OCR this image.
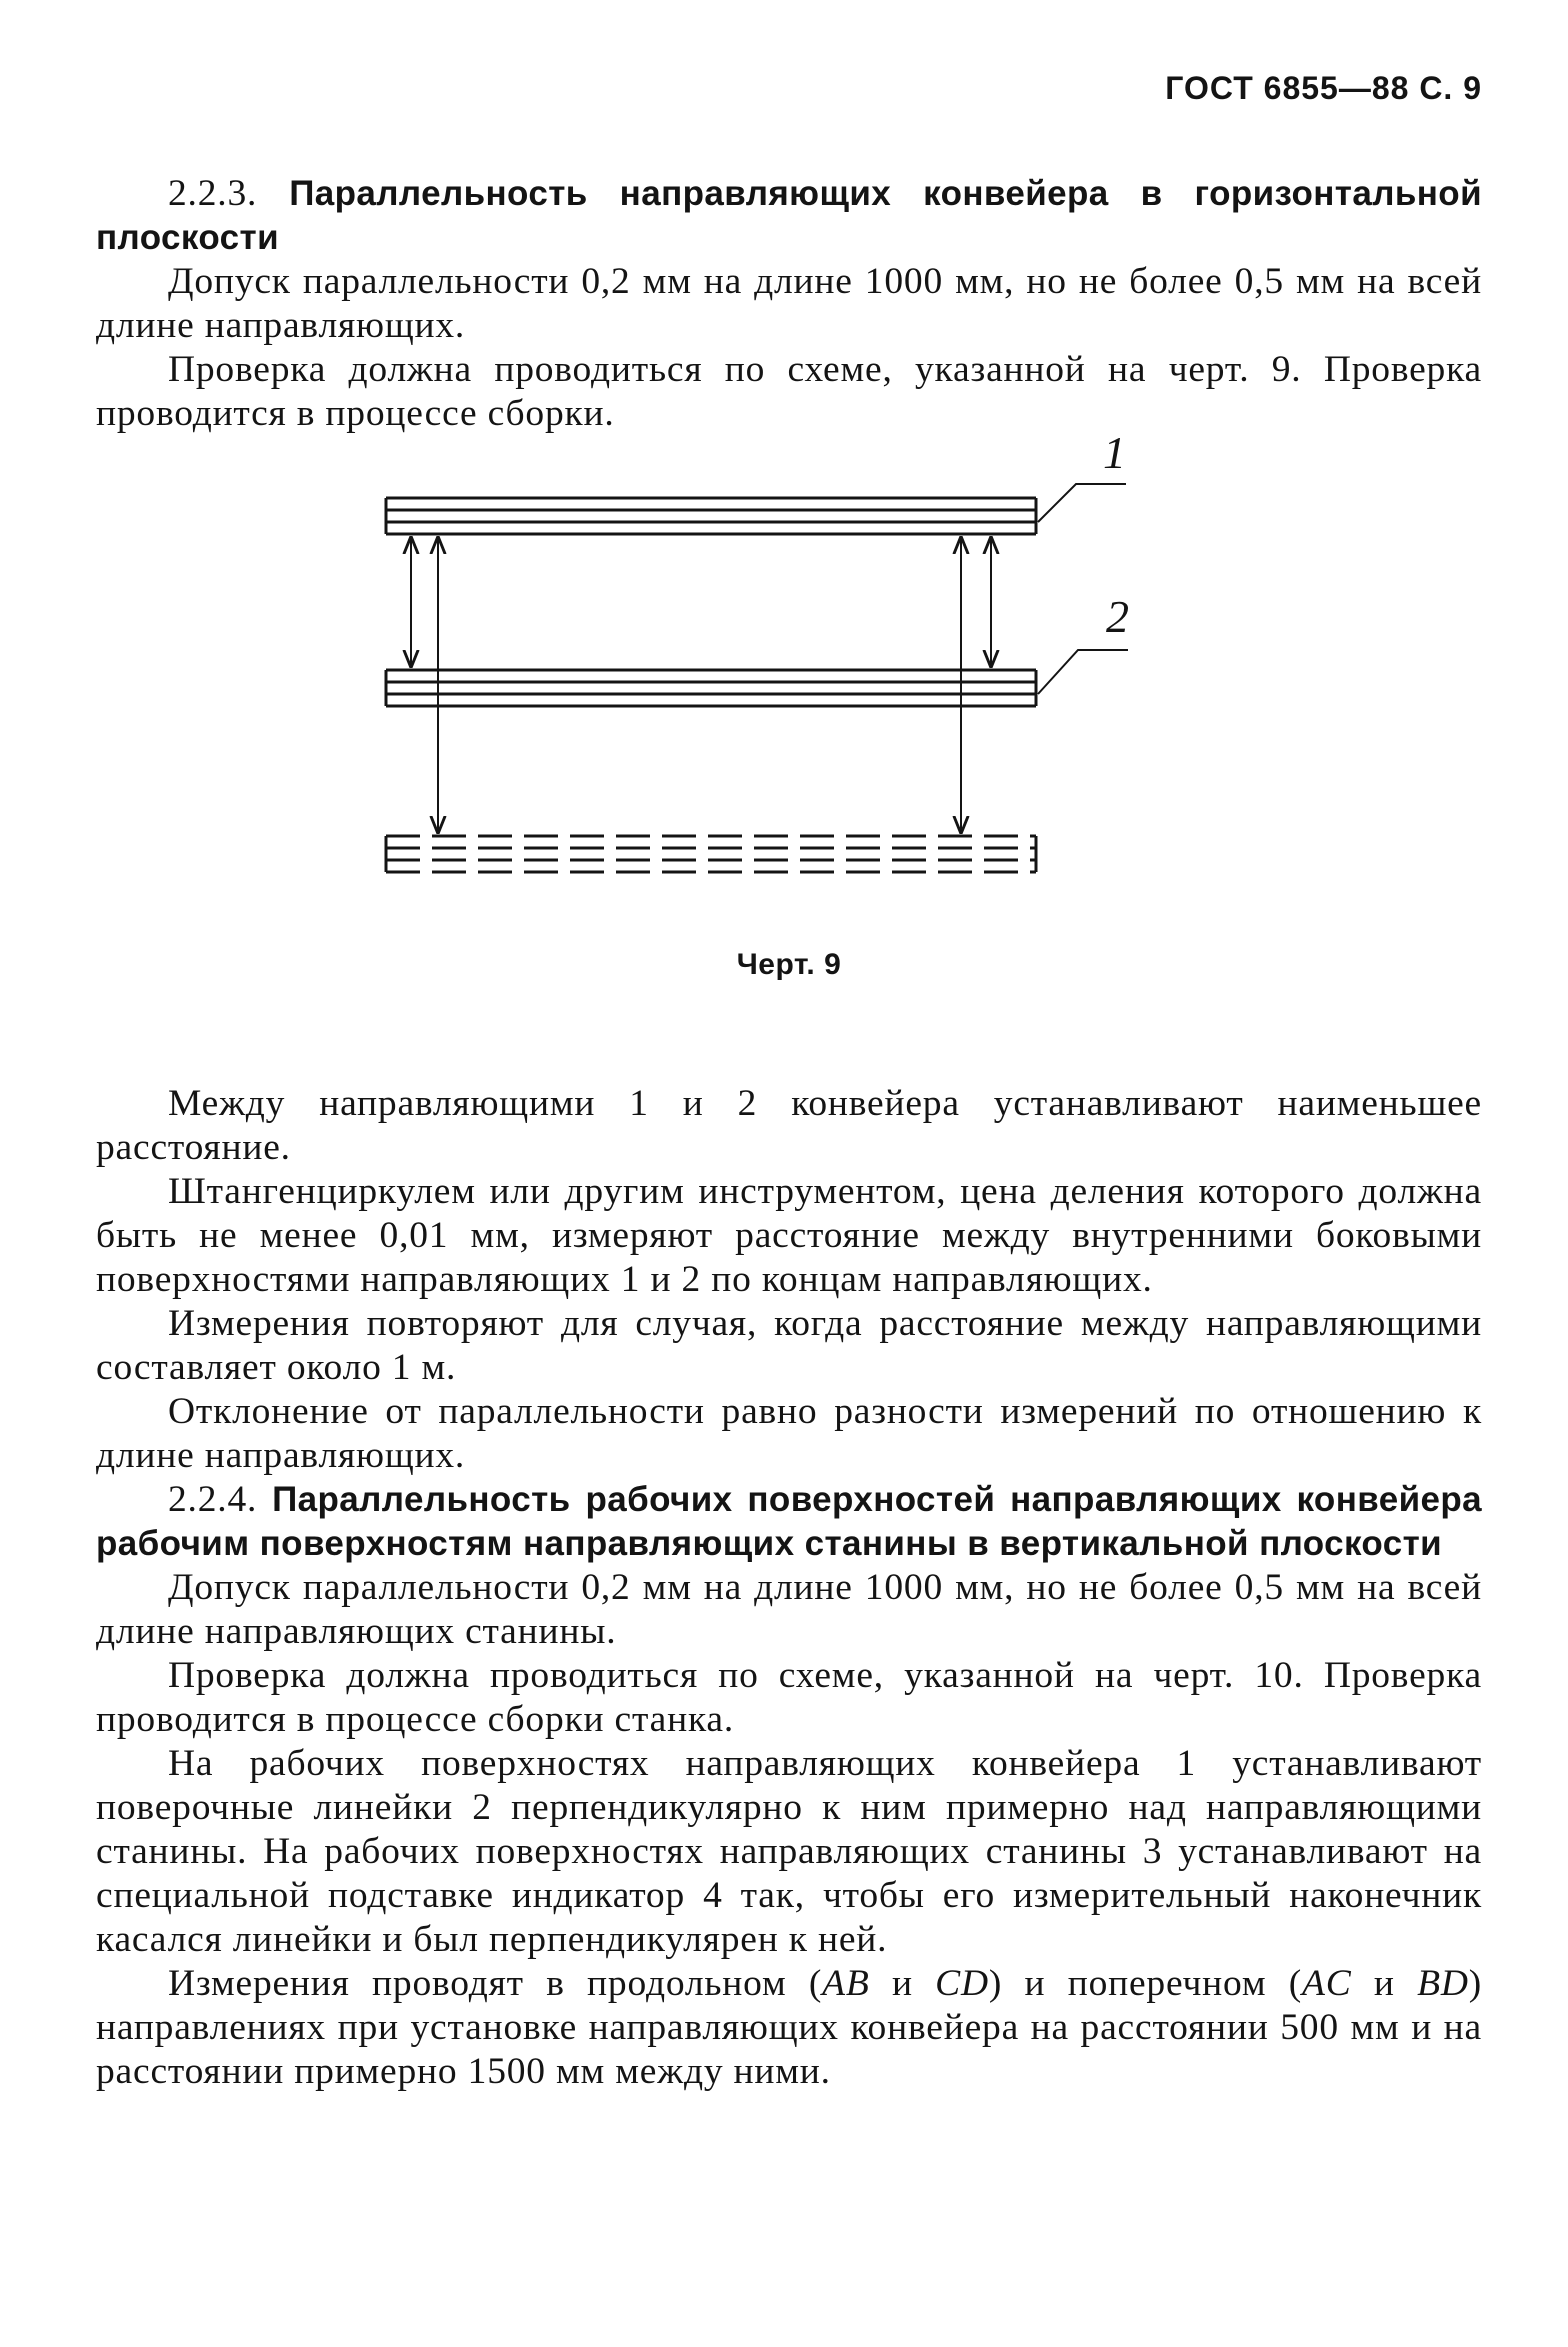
ГОСТ 6855—88 С. 9

2.2.3. Параллельность направляющих конвейера в горизонтальной плоскости

Допуск параллельности 0,2 мм на длине 1000 мм, но не более 0,5 мм на всей длине направляющих.

Проверка должна проводиться по схеме, указанной на черт. 9. Проверка проводится в процессе сборки.

1
2
Черт. 9

Между направляющими 1 и 2 конвейера устанавливают наименьшее расстояние.

Штангенциркулем или другим инструментом, цена деления которого должна быть не менее 0,01 мм, измеряют расстояние между внутренними боковыми поверхностями направляющих 1 и 2 по концам направляющих.

Измерения повторяют для случая, когда расстояние между направляющими составляет около 1 м.

Отклонение от параллельности равно разности измерений по отношению к длине направляющих.

2.2.4. Параллельность рабочих поверхностей направляющих конвейера рабочим поверхностям направляющих станины в вертикальной плоскости

Допуск параллельности 0,2 мм на длине 1000 мм, но не более 0,5 мм на всей длине направляющих станины.

Проверка должна проводиться по схеме, указанной на черт. 10. Проверка проводится в процессе сборки станка.

На рабочих поверхностях направляющих конвейера 1 устанавливают поверочные линейки 2 перпендикулярно к ним примерно над направляющими станины. На рабочих поверхностях направляющих станины 3 устанавливают на специальной подставке индикатор 4 так, чтобы его измерительный наконечник касался линейки и был перпендикулярен к ней.

Измерения проводят в продольном (AB и CD) и поперечном (AC и BD) направлениях при установке направляющих конвейера на расстоянии 500 мм и на расстоянии примерно 1500 мм между ними.
